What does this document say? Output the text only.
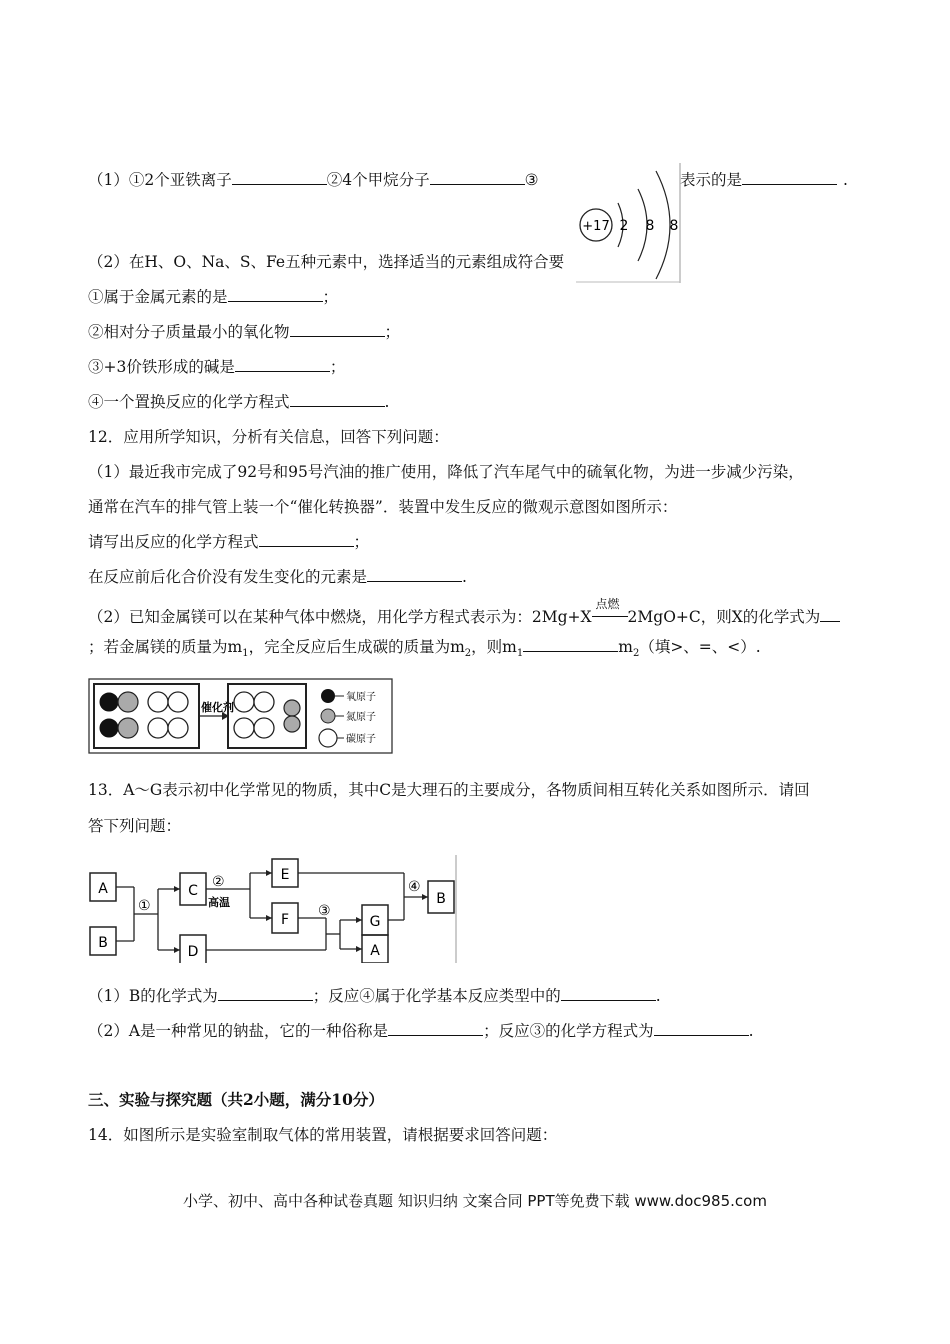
（1）①2个亚铁离子	②4个甲烷分子	③	表示的是	.
+17 2 8 8
（2）在H、O、Na、S、Fe五种元素中，选择适当的元素组成符合要
①属于金属元素的是	；
②相对分子质量最小的氧化物	；
③+3价铁形成的碱是	；
④一个置换反应的化学方程式	.
12．应用所学知识，分析有关信息，回答下列问题：
（1）最近我市完成了92号和95号汽油的推广使用，降低了汽车尾气中的硫氧化物，为进一步减少污染，
通常在汽车的排气管上装一个“催化转换器”．装置中发生反应的微观示意图如图所示：
请写出反应的化学方程式	；
在反应前后化合价没有发生变化的元素是	.
（2）已知金属镁可以在某种气体中燃烧，用化学方程式表示为：2Mg+X
点燃
2MgO+C，则X的化学式为
；若金属镁的质量为$m_1$，完全反应后生成碳的质量为$m_2$，则$m_1$	$m_2$（填>、=、<）.
催化剂
氧原子
氮原子
碳原子
13．A～G表示初中化学常见的物质，其中C是大理石的主要成分，各物质间相互转化关系如图所示．请回
答下列问题：
A
B
C
D
E
F	G
A
B
①
②
高温
③
④
（1）B的化学式为	；反应④属于化学基本反应类型中的	.
（2）A是一种常见的钠盐，它的一种俗称是	；反应③的化学方程式为	.
三、实验与探究题（共2小题，满分10分）
14．如图所示是实验室制取气体的常用装置，请根据要求回答问题：
小学、初中、高中各种试卷真题 知识归纳 文案合同 PPT等免费下载 www.doc985.com
